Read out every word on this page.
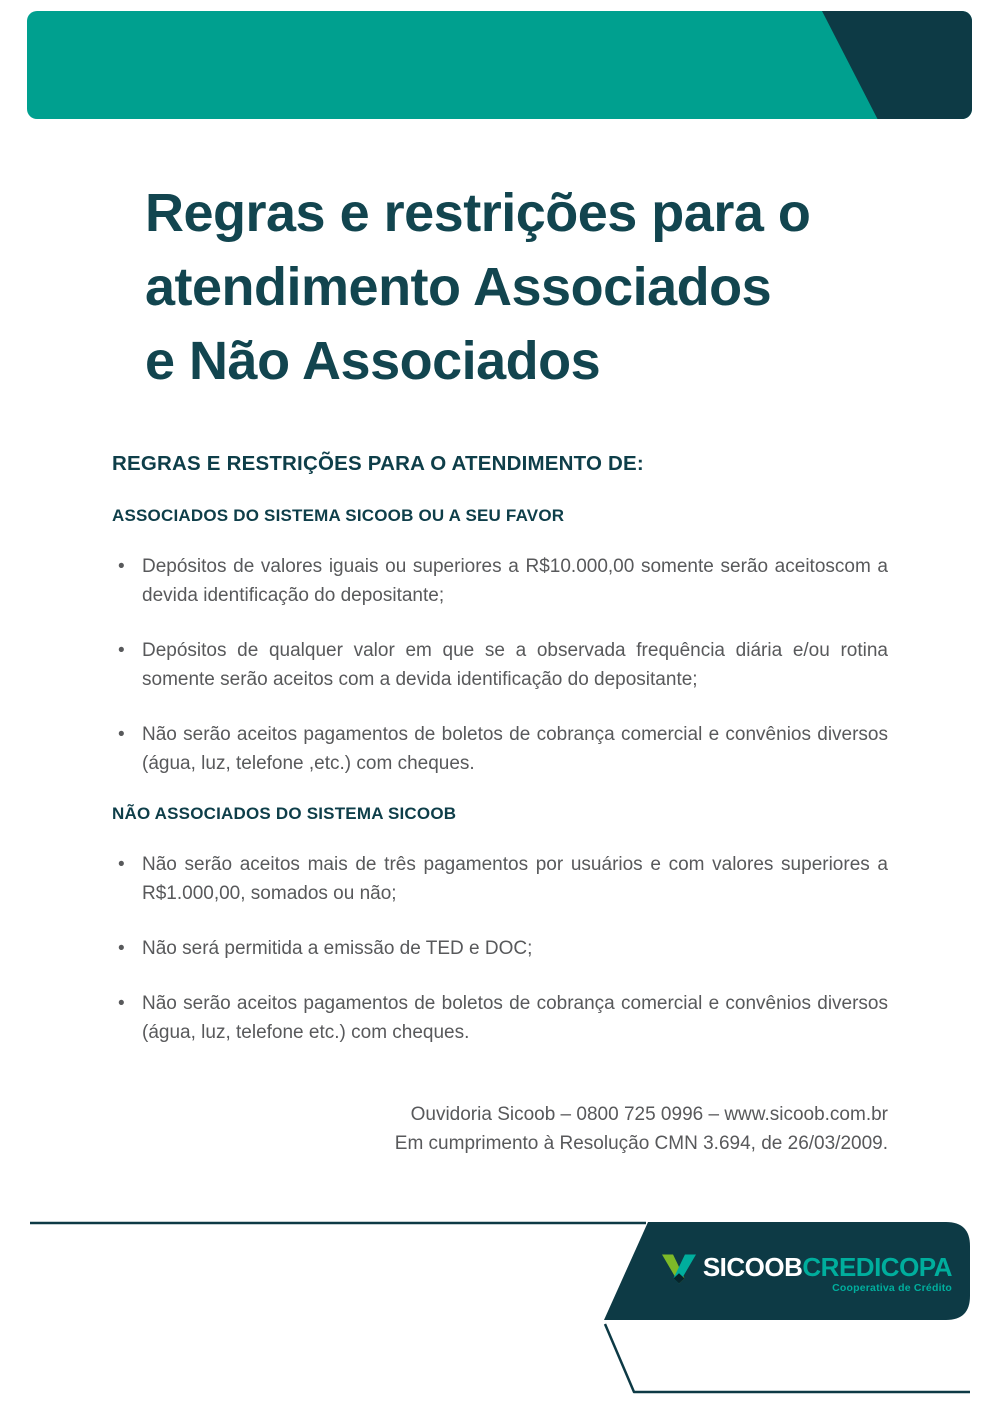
Regras e restrições para o
atendimento Associados
e Não Associados
REGRAS E RESTRIÇÕES PARA O ATENDIMENTO DE:
ASSOCIADOS DO SISTEMA SICOOB OU A SEU FAVOR
• Depósitos de valores iguais ou superiores a R$10.000,00 somente serão aceitoscom a devida identificação do depositante;
• Depósitos de qualquer valor em que se a observada frequência diária e/ou rotina somente serão aceitos com a devida identificação do depositante;
• Não serão aceitos pagamentos de boletos de cobrança comercial e convênios diversos (água, luz, telefone ,etc.) com cheques.
NÃO ASSOCIADOS DO SISTEMA SICOOB
• Não serão aceitos mais de três pagamentos por usuários e com valores superiores a R$1.000,00, somados ou não;
• Não será permitida a emissão de TED e DOC;
• Não serão aceitos pagamentos de boletos de cobrança comercial e convênios diversos (água, luz, telefone etc.) com cheques.
Ouvidoria Sicoob – 0800 725 0996 – www.sicoob.com.br
Em cumprimento à Resolução CMN 3.694, de 26/03/2009.
SICOOBCREDICOPA
Cooperativa de Crédito
